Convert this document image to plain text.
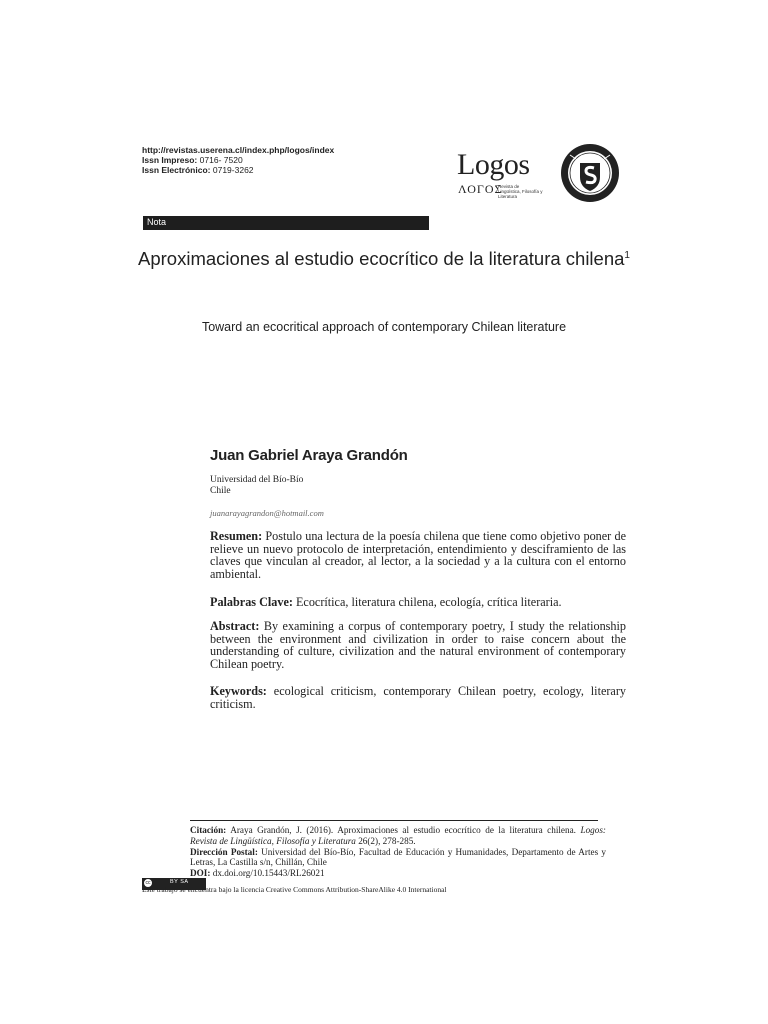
http://revistas.userena.cl/index.php/logos/index
Issn Impreso: 0716- 7520
Issn Electrónico: 0719-3262	Logos
ΛΟΓΟΣ
Revista de Lingüística, Filosofía y Literatura
Nota
Aproximaciones al estudio ecocrítico de la literatura chilena$^1$
Toward an ecocritical approach of contemporary Chilean literature
Juan Gabriel Araya Grandón
Universidad del Bío-Bío
Chile
juanarayagrandon@hotmail.com
Resumen: Postulo una lectura de la poesía chilena que tiene como objetivo poner de relieve un nuevo protocolo de interpretación, entendimiento y desciframiento de las claves que vinculan al creador, al lector, a la sociedad y a la cultura con el entorno ambiental.
Palabras Clave: Ecocrítica, literatura chilena, ecología, crítica literaria.
Abstract: By examining a corpus of contemporary poetry, I study the relationship between the environment and civilization in order to raise concern about the understanding of culture, civilization and the natural environment of contemporary Chilean poetry.
Keywords: ecological criticism, contemporary Chilean poetry, ecology, literary criticism.
Citación: Araya Grandón, J. (2016). Aproximaciones al estudio ecocrítico de la literatura chilena. Logos: Revista de Lingüística, Filosofía y Literatura 26(2), 278-285.
Dirección Postal: Universidad del Bío-Bío, Facultad de Educación y Humanidades, Departamento de Artes y Letras, La Castilla s/n, Chillán, Chile
DOI: dx.doi.org/10.15443/RL26021
cc	BY SA
Este trabajo se encuentra bajo la licencia Creative Commons Attribution-ShareAlike 4.0 International
